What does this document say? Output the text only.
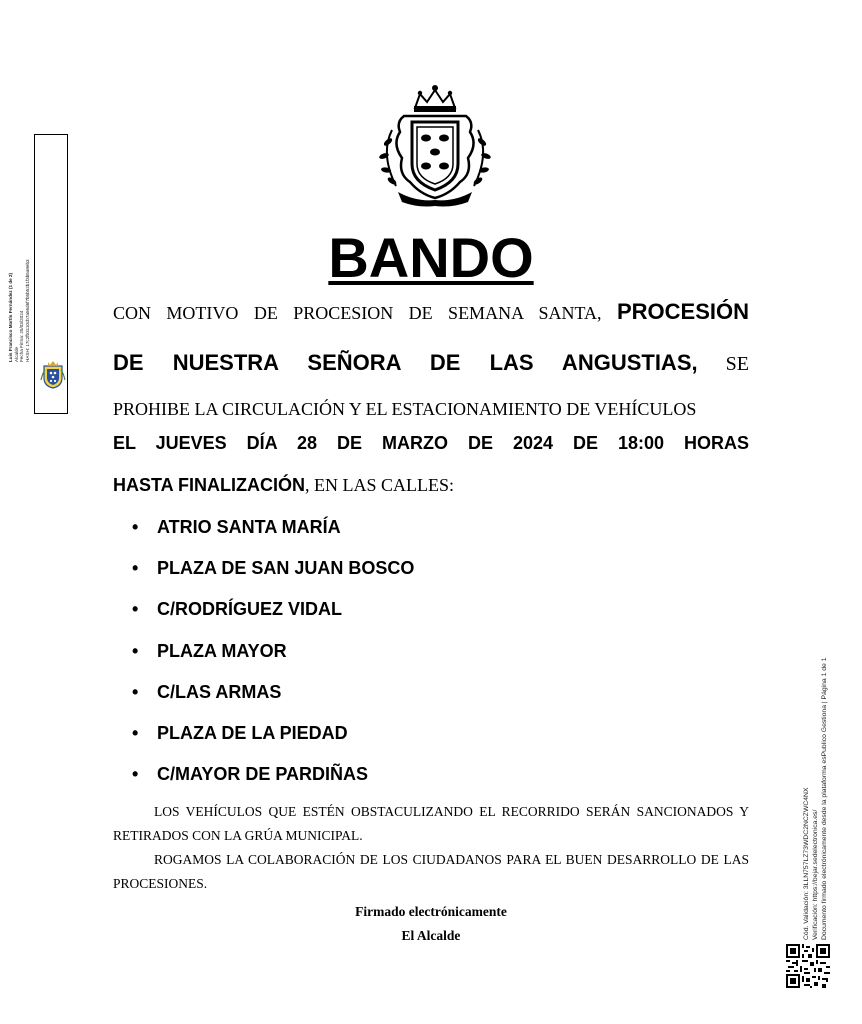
Luis Francisco Martín Fernández (1 de 2) Alcalde Fecha Firma: 25/03/2024 HASH: 17c2fb3110cb7a56d6f7b5b52b1f3b5a9eb3
BANDO
CON MOTIVO DE PROCESION DE SEMANA SANTA, PROCESIÓN
DE NUESTRA SEÑORA DE LAS ANGUSTIAS, SE
PROHIBE LA CIRCULACIÓN Y EL ESTACIONAMIENTO DE VEHÍCULOS
EL JUEVES DÍA 28 DE MARZO DE 2024 DE 18:00 HORAS
HASTA FINALIZACIÓN, EN LAS CALLES:
• ATRIO SANTA MARÍA
• PLAZA DE SAN JUAN BOSCO
• C/RODRÍGUEZ VIDAL
• PLAZA MAYOR
• C/LAS ARMAS
• PLAZA DE LA PIEDAD
• C/MAYOR DE PARDIÑAS
LOS VEHÍCULOS QUE ESTÉN OBSTACULIZANDO EL RECORRIDO SERÁN SANCIONADOS Y RETIRADOS CON LA GRÚA MUNICIPAL.
ROGAMOS LA COLABORACIÓN DE LOS CIUDADANOS PARA EL BUEN DESARROLLO DE LAS PROCESIONES.
Firmado electrónicamente
El Alcalde	Cód. Validación: 3LLN757LZ73WDC2NCZWC4NX Verificación: https://bejar.sedelectronica.es/ Documento firmado electrónicamente desde la plataforma esPublico Gestiona | Página 1 de 1
